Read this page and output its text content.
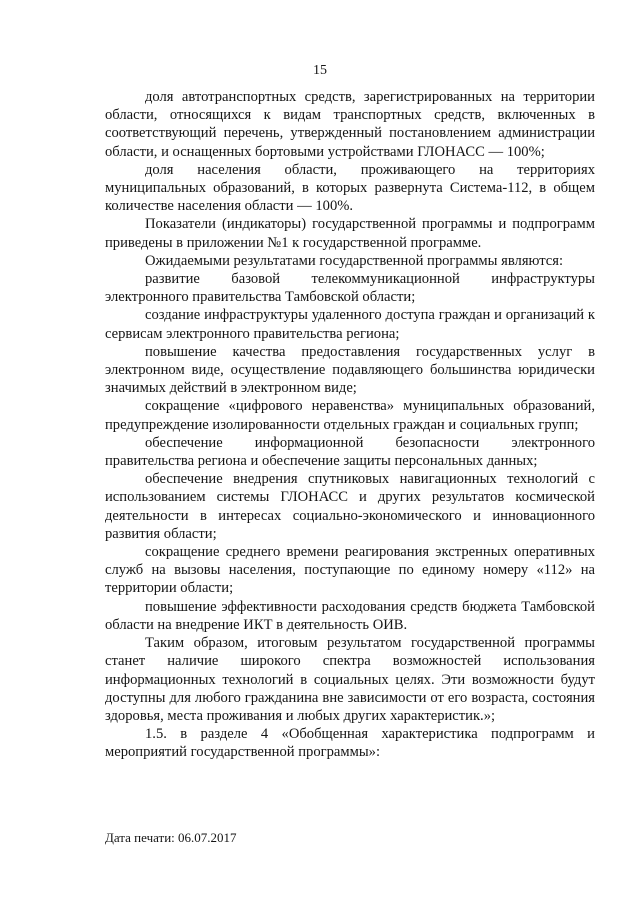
15

доля автотранспортных средств, зарегистрированных на территории области, относящихся к видам транспортных средств, включенных в соответствующий перечень, утвержденный постановлением администрации области, и оснащенных бортовыми устройствами ГЛОНАСС — 100%;

доля населения области, проживающего на территориях муниципальных образований, в которых развернута Система-112, в общем количестве населения области — 100%.

Показатели (индикаторы) государственной программы и подпрограмм приведены в приложении №1 к государственной программе.

Ожидаемыми результатами государственной программы являются:

развитие базовой телекоммуникационной инфраструктуры электронного правительства Тамбовской области;

создание инфраструктуры удаленного доступа граждан и организаций к сервисам электронного правительства региона;

повышение качества предоставления государственных услуг в электронном виде, осуществление подавляющего большинства юридически значимых действий в электронном виде;

сокращение «цифрового неравенства» муниципальных образований, предупреждение изолированности отдельных граждан и социальных групп;

обеспечение информационной безопасности электронного правительства региона и обеспечение защиты персональных данных;

обеспечение внедрения спутниковых навигационных технологий с использованием системы ГЛОНАСС и других результатов космической деятельности в интересах социально-экономического и инновационного развития области;

сокращение среднего времени реагирования экстренных оперативных служб на вызовы населения, поступающие по единому номеру «112» на территории области;

повышение эффективности расходования средств бюджета Тамбовской области на внедрение ИКТ в деятельность ОИВ.

Таким образом, итоговым результатом государственной программы станет наличие широкого спектра возможностей использования информационных технологий в социальных целях. Эти возможности будут доступны для любого гражданина вне зависимости от его возраста, состояния здоровья, места проживания и любых других характеристик.»;

1.5. в разделе 4 «Обобщенная характеристика подпрограмм и мероприятий государственной программы»:

Дата печати: 06.07.2017
